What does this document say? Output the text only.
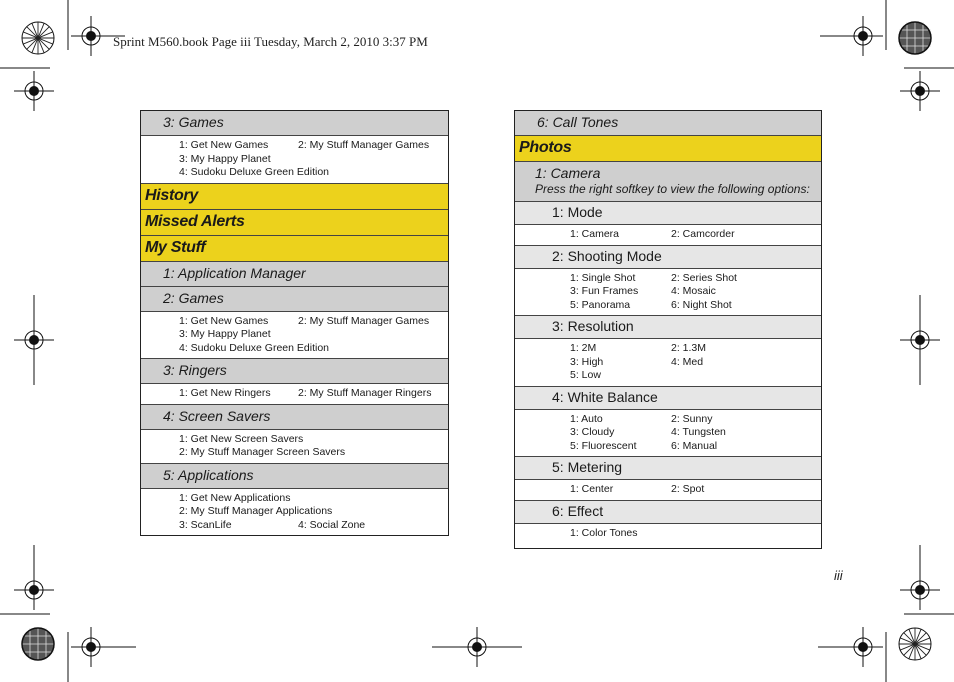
Sprint M560.book Page iii Tuesday, March 2, 2010 3:37 PM
3: Games
1: Get New Games	2: My Stuff Manager Games
3: My Happy Planet
4: Sudoku Deluxe Green Edition
History
Missed Alerts
My Stuff
1: Application Manager
2: Games
1: Get New Games	2: My Stuff Manager Games
3: My Happy Planet
4: Sudoku Deluxe Green Edition
3: Ringers
1: Get New Ringers	2: My Stuff Manager Ringers
4: Screen Savers
1: Get New Screen Savers
2: My Stuff Manager Screen Savers
5: Applications
1: Get New Applications
2: My Stuff Manager Applications
3: ScanLife	4: Social Zone
6: Call Tones
Photos
1: Camera
Press the right softkey to view the following options:
1: Mode
1: Camera	2: Camcorder
2: Shooting Mode
1: Single Shot	2: Series Shot
3: Fun Frames	4: Mosaic
5: Panorama	6: Night Shot
3: Resolution
1: 2M	2: 1.3M
3: High	4: Med
5: Low
4: White Balance
1: Auto	2: Sunny
3: Cloudy	4: Tungsten
5: Fluorescent	6: Manual
5: Metering
1: Center	2: Spot
6: Effect
1: Color Tones
iii
